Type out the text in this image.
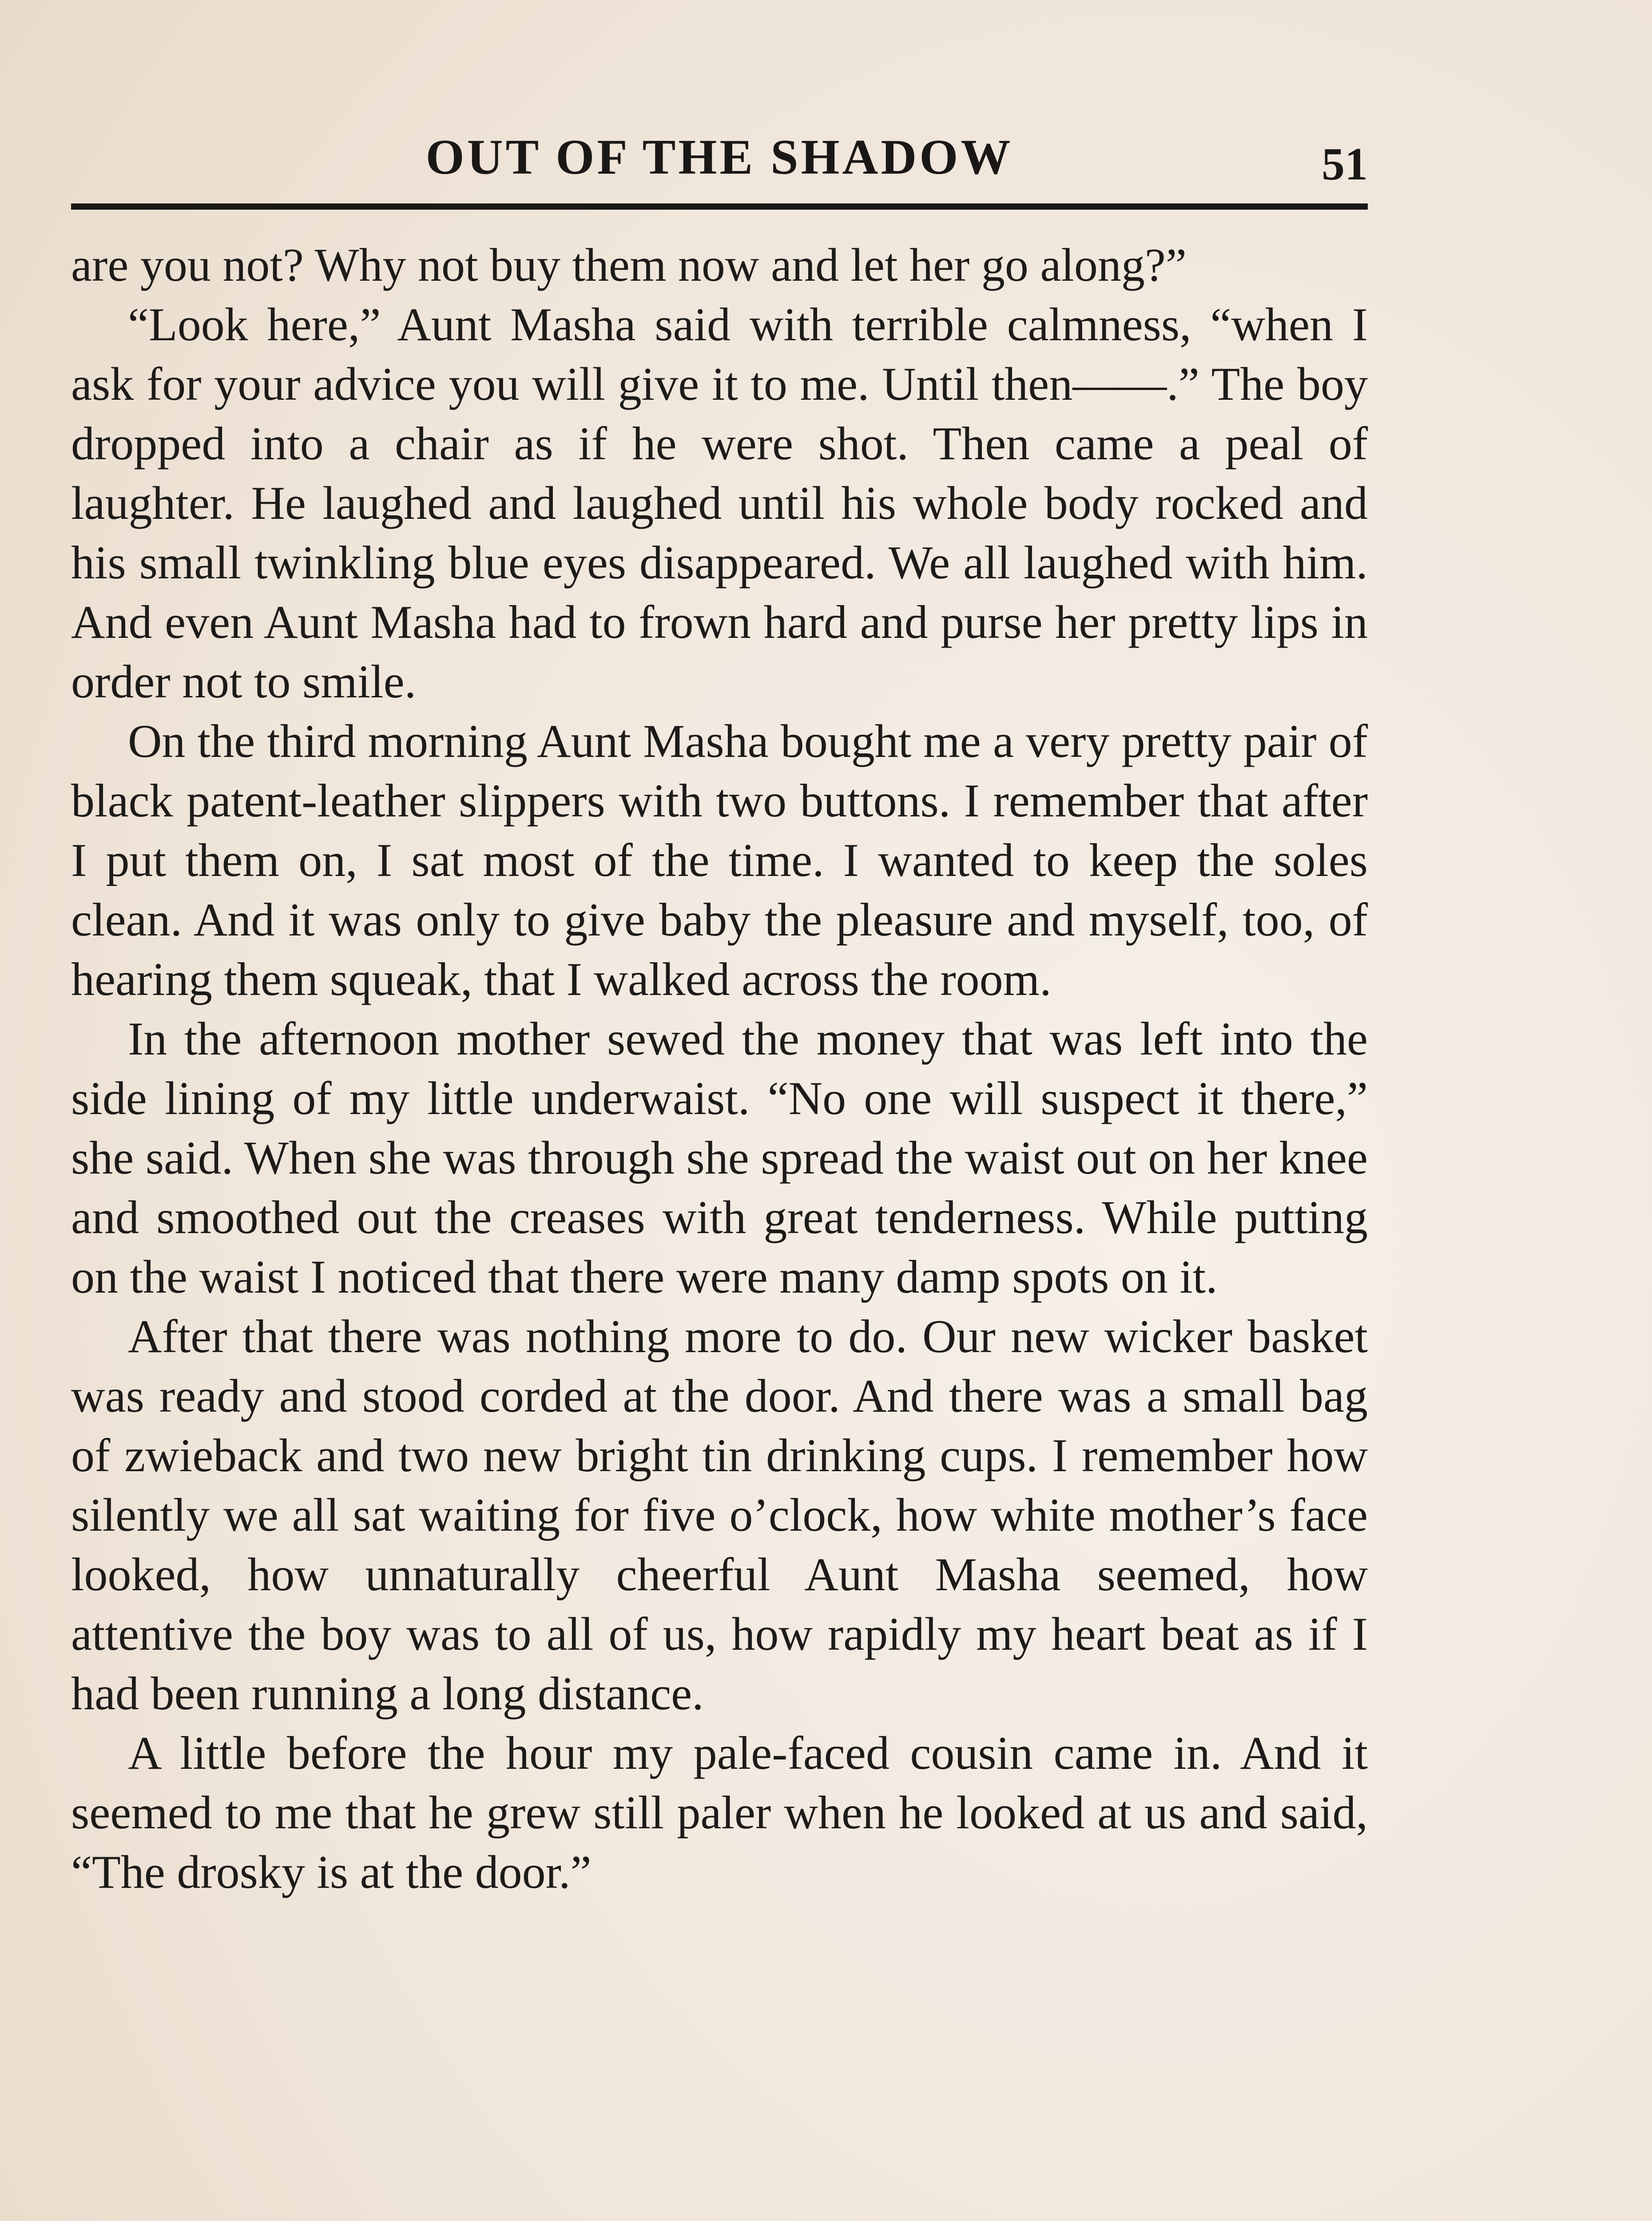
OUT OF THE SHADOW	51

are you not? Why not buy them now and let her go along?”

“Look here,” Aunt Masha said with terrible calmness, “when I ask for your advice you will give it to me. Until then——.” The boy dropped into a chair as if he were shot. Then came a peal of laughter. He laughed and laughed until his whole body rocked and his small twinkling blue eyes disappeared. We all laughed with him. And even Aunt Masha had to frown hard and purse her pretty lips in order not to smile.

On the third morning Aunt Masha bought me a very pretty pair of black patent-leather slippers with two buttons. I remember that after I put them on, I sat most of the time. I wanted to keep the soles clean. And it was only to give baby the pleasure and myself, too, of hearing them squeak, that I walked across the room.

In the afternoon mother sewed the money that was left into the side lining of my little underwaist. “No one will suspect it there,” she said. When she was through she spread the waist out on her knee and smoothed out the creases with great tenderness. While putting on the waist I noticed that there were many damp spots on it.

After that there was nothing more to do. Our new wicker basket was ready and stood corded at the door. And there was a small bag of zwieback and two new bright tin drinking cups. I remember how silently we all sat waiting for five o’clock, how white mother’s face looked, how unnaturally cheerful Aunt Masha seemed, how attentive the boy was to all of us, how rapidly my heart beat as if I had been running a long distance.

A little before the hour my pale-faced cousin came in. And it seemed to me that he grew still paler when he looked at us and said, “The drosky is at the door.”
